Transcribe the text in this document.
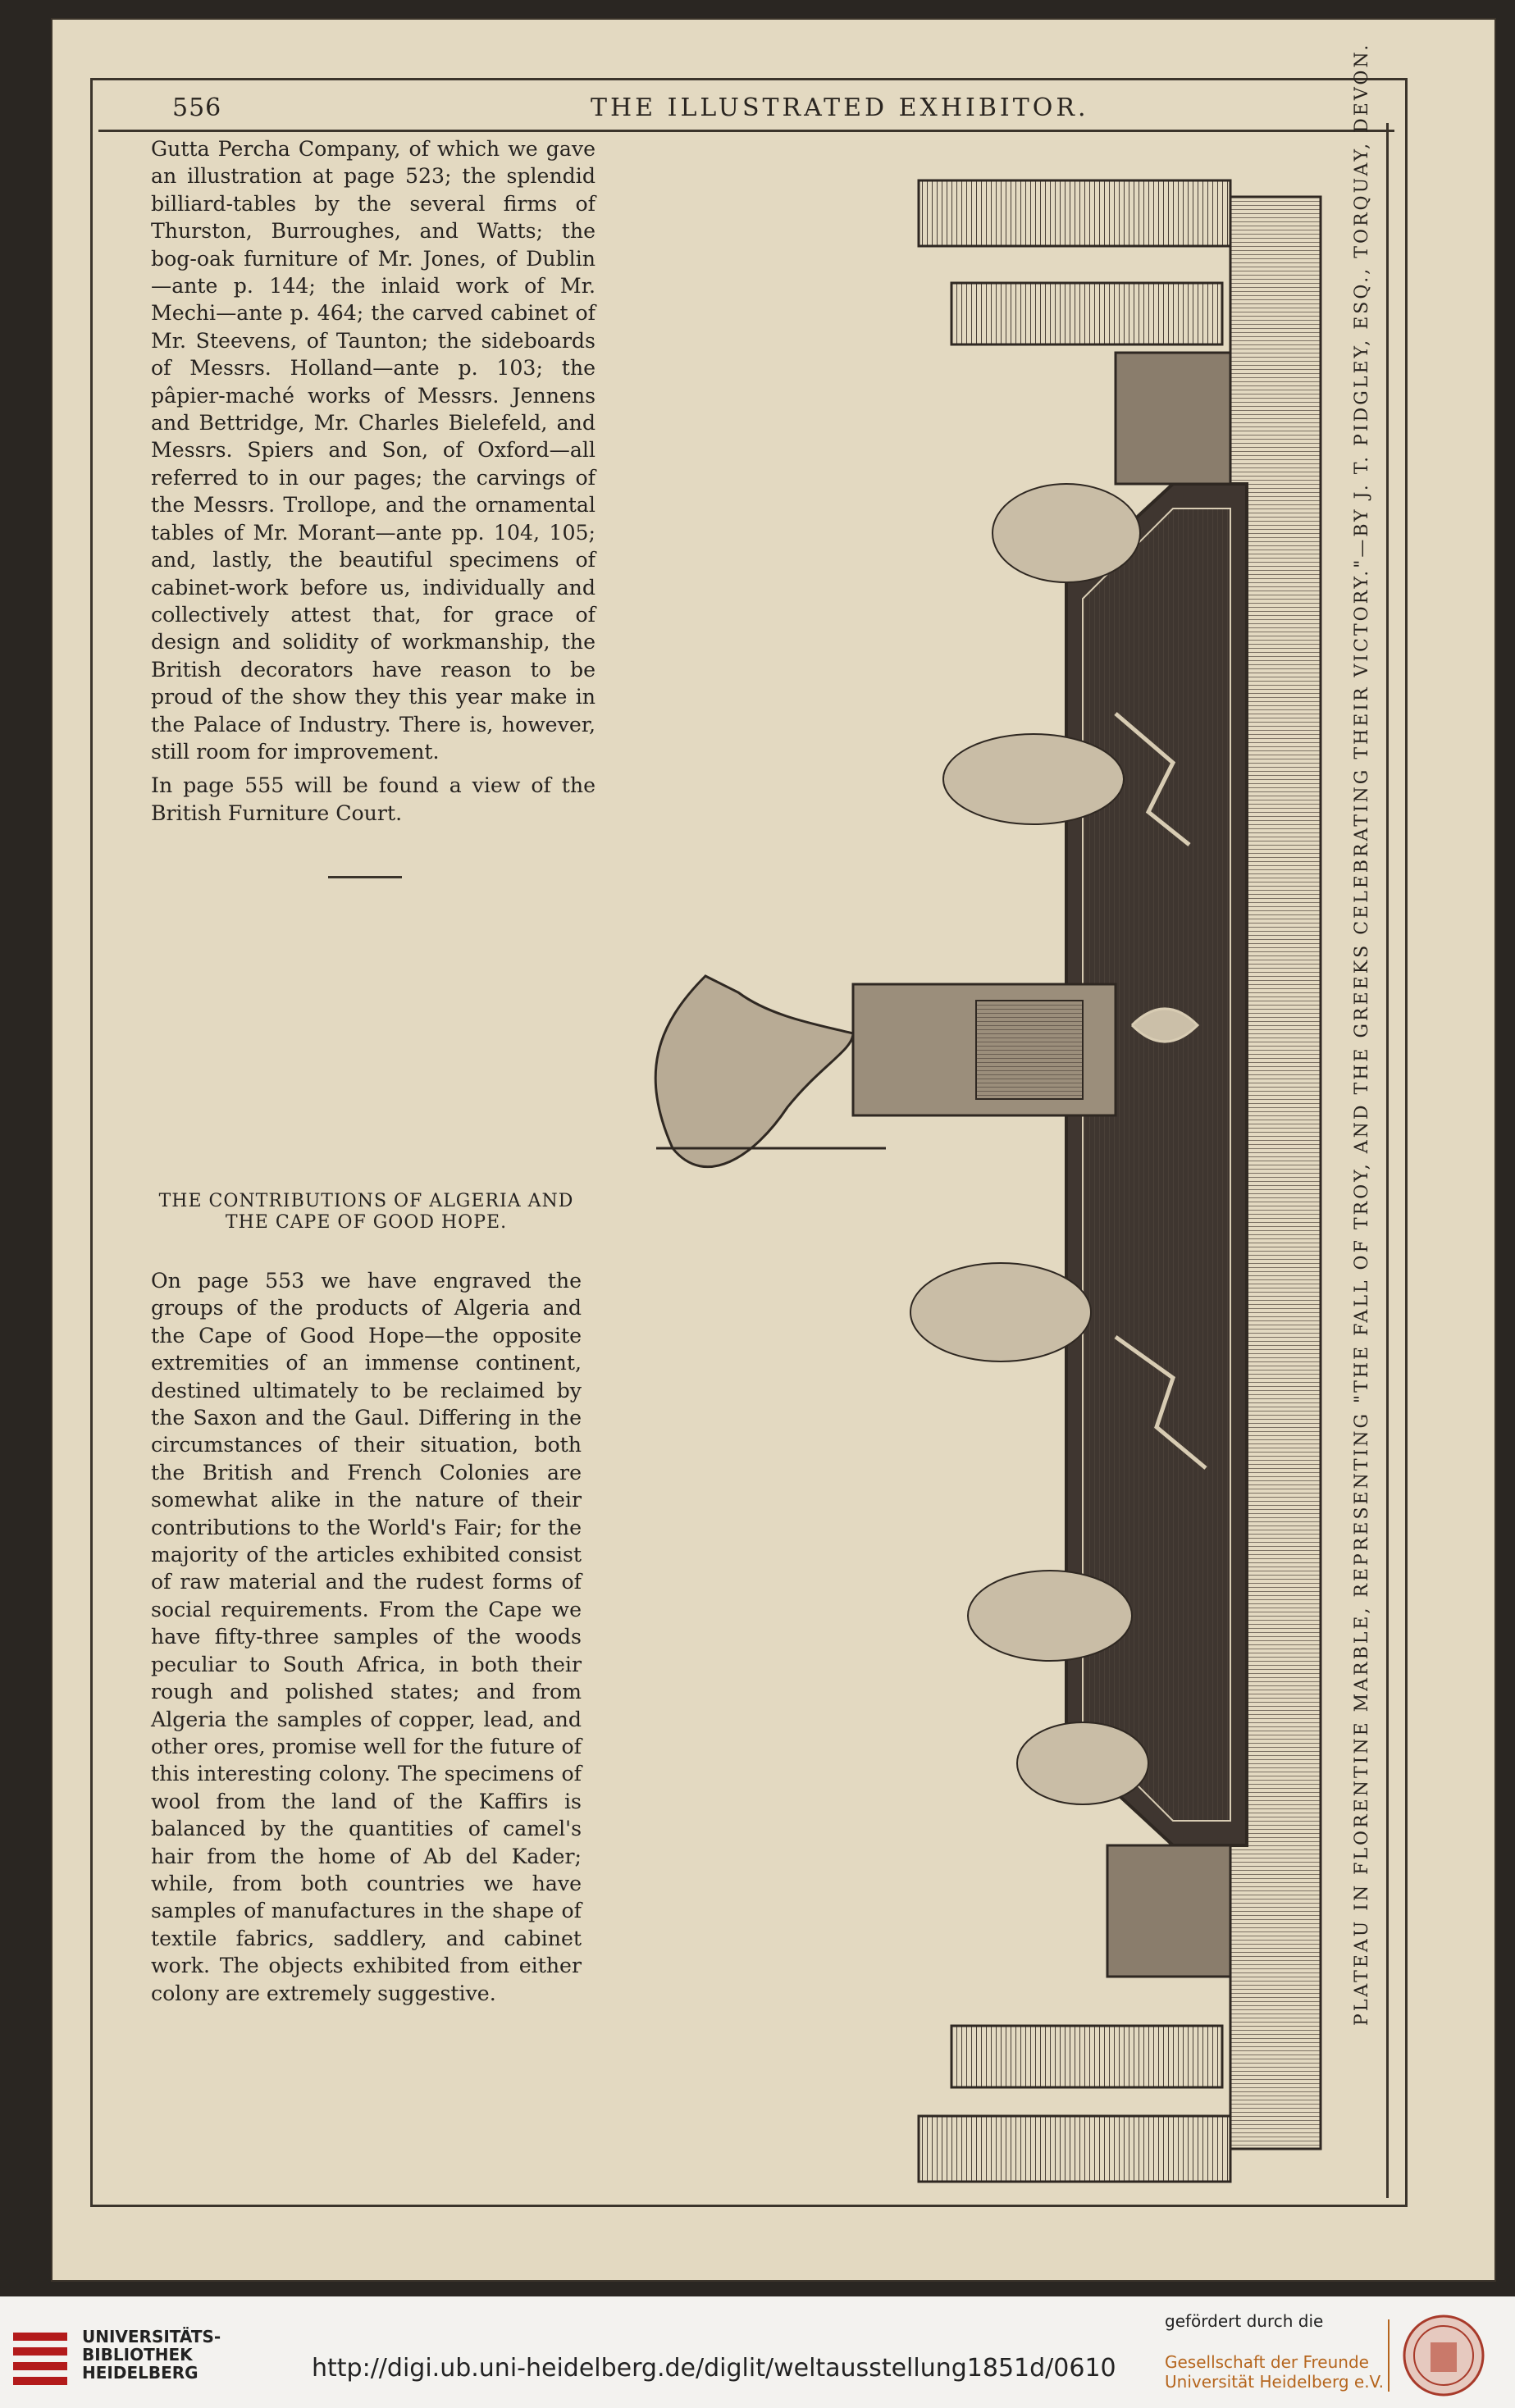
556	THE ILLUSTRATED EXHIBITOR.

Gutta Percha Company, of which we gave an illustration at page 523; the splendid billiard-tables by the several firms of Thurston, Burroughes, and Watts; the bog-oak furniture of Mr. Jones, of Dublin —ante p. 144; the inlaid work of Mr. Mechi—ante p. 464; the carved cabinet of Mr. Steevens, of Taunton; the sideboards of Messrs. Holland—ante p. 103; the pâpier-maché works of Messrs. Jennens and Bettridge, Mr. Charles Bielefeld, and Messrs. Spiers and Son, of Oxford—all referred to in our pages; the carvings of the Messrs. Trollope, and the ornamental tables of Mr. Morant—ante pp. 104, 105; and, lastly, the beautiful specimens of cabinet-work before us, individually and collectively attest that, for grace of design and solidity of workmanship, the British decorators have reason to be proud of the show they this year make in the Palace of Industry. There is, however, still room for improvement.

In page 555 will be found a view of the British Furniture Court.

THE CONTRIBUTIONS OF ALGERIA AND
THE CAPE OF GOOD HOPE.

On page 553 we have engraved the groups of the products of Algeria and the Cape of Good Hope—the opposite extremities of an immense continent, destined ultimately to be reclaimed by the Saxon and the Gaul. Differing in the circumstances of their situation, both the British and French Colonies are somewhat alike in the nature of their contributions to the World's Fair; for the majority of the articles exhibited consist of raw material and the rudest forms of social requirements. From the Cape we have fifty-three samples of the woods peculiar to South Africa, in both their rough and polished states; and from Algeria the samples of copper, lead, and other ores, promise well for the future of this interesting colony. The specimens of wool from the land of the Kaffirs is balanced by the quantities of camel's hair from the home of Ab del Kader; while, from both countries we have samples of manufactures in the shape of textile fabrics, saddlery, and cabinet work. The objects exhibited from either colony are extremely suggestive.	PLATEAU IN FLORENTINE MARBLE, REPRESENTING "THE FALL OF TROY, AND THE GREEKS CELEBRATING THEIR VICTORY."—BY J. T. PIDGLEY, ESQ., TORQUAY, DEVON.
UNIVERSITÄTS-
BIBLIOTHEK
HEIDELBERG	http://digi.ub.uni-heidelberg.de/diglit/weltausstellung1851d/0610
gefördert durch die
Gesellschaft der Freunde
Universität Heidelberg e.V.
